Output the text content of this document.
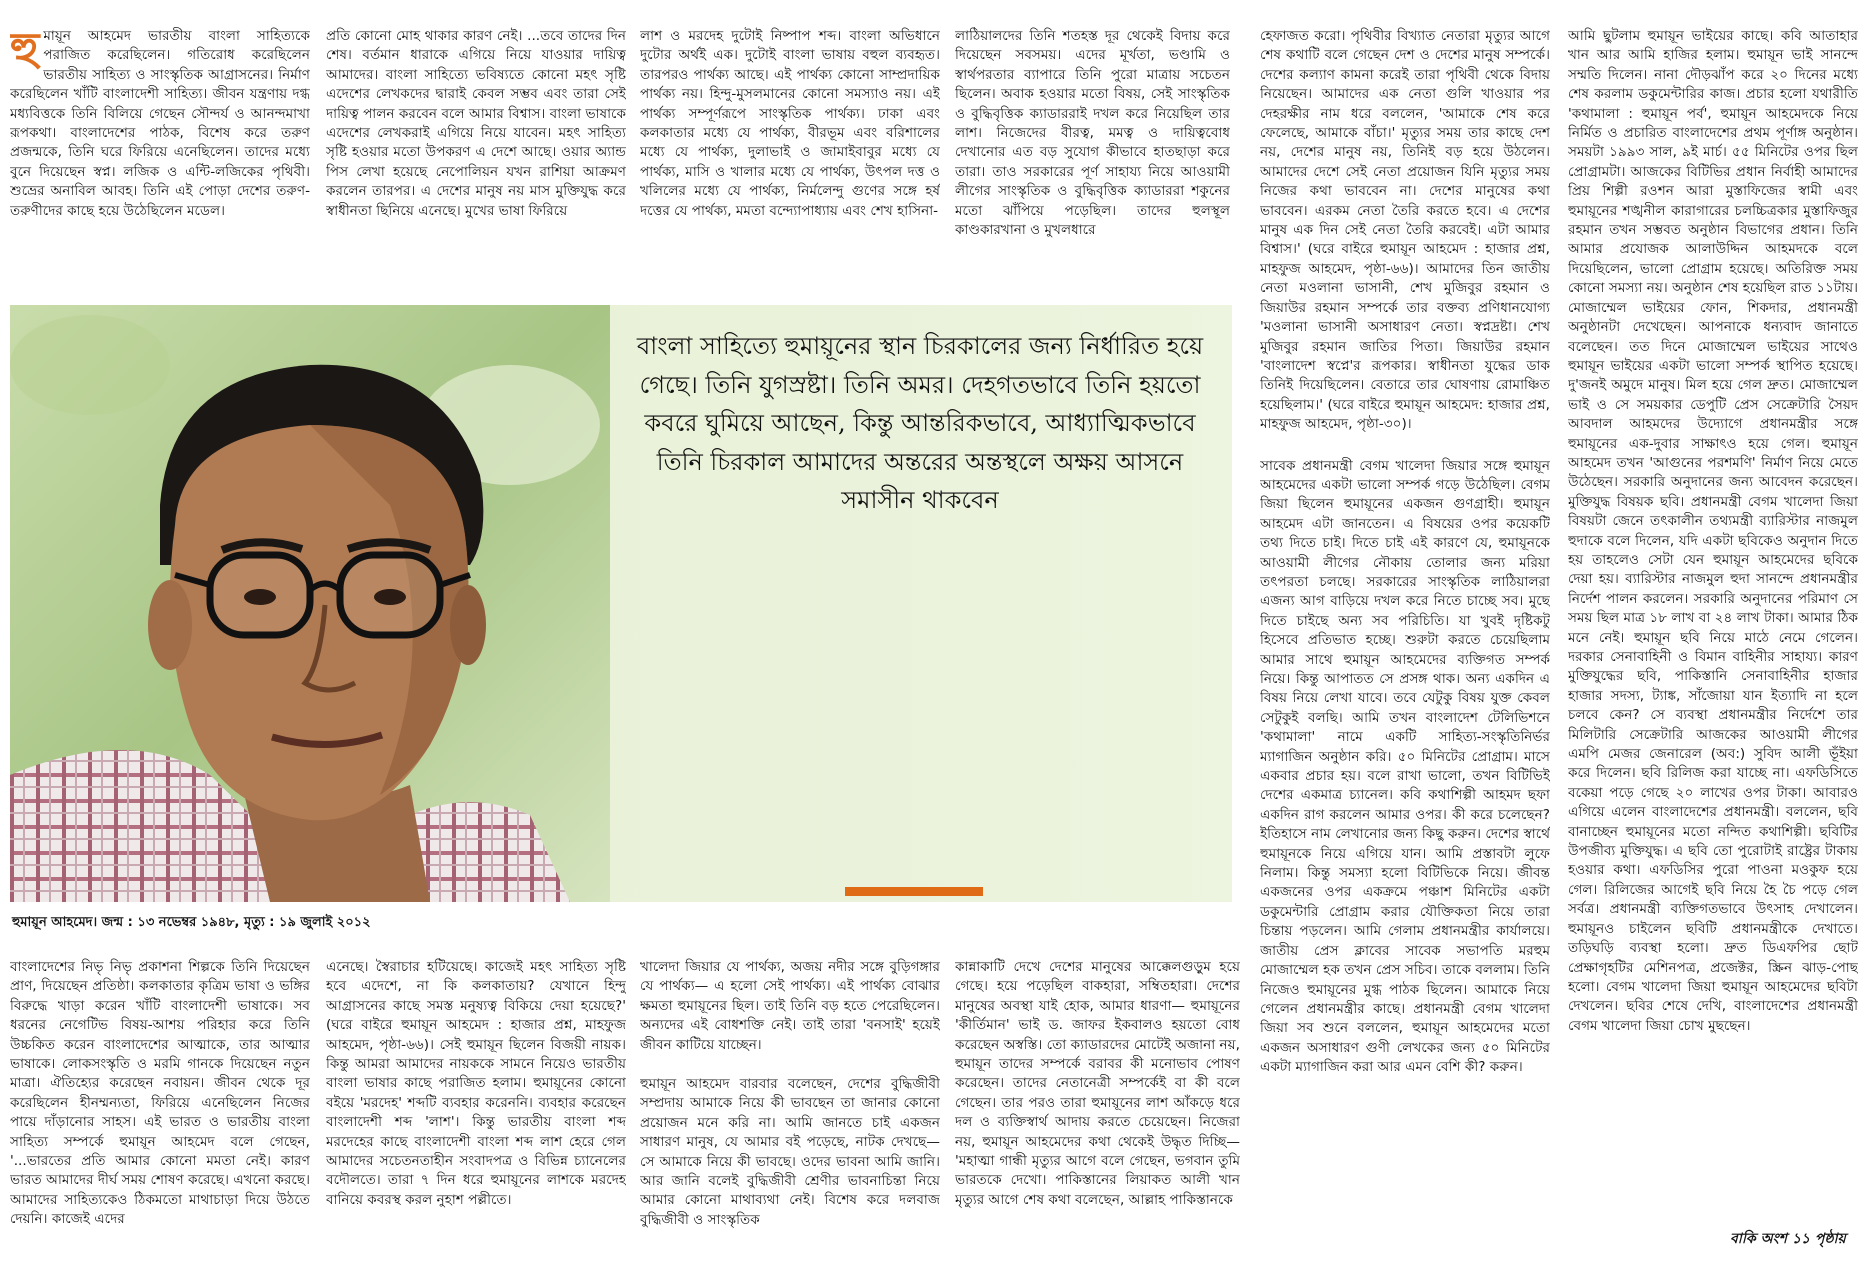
হু মায়ূন আহমেদ ভারতীয় বাংলা সাহিত্যকে পরাজিত করেছিলেন। গতিরোধ করেছিলেন ভারতীয় সাহিত্য ও সাংস্কৃতিক আগ্রাসনের। নির্মাণ করেছিলেন খাঁটি বাংলাদেশী সাহিত্য। জীবন যন্ত্রণায় দগ্ধ মধ্যবিত্তকে তিনি বিলিয়ে গেছেন সৌন্দর্য ও আনন্দমাখা রূপকথা। বাংলাদেশের পাঠক, বিশেষ করে তরুণ প্রজন্মকে, তিনি ঘরে ফিরিয়ে এনেছিলেন। তাদের মধ্যে বুনে দিয়েছেন স্বপ্ন। লজিক ও এন্টি-লজিকের পৃথিবী। শুভ্রের অনাবিল আবহ। তিনি এই পোড়া দেশের তরুণ-তরুণীদের কাছে হয়ে উঠেছিলেন মডেল।

প্রতি কোনো মোহ থাকার কারণ নেই। ...তবে তাদের দিন শেষ। বর্তমান ধারাকে এগিয়ে নিয়ে যাওয়ার দায়িত্ব আমাদের। বাংলা সাহিত্যে ভবিষ্যতে কোনো মহৎ সৃষ্টি এদেশের লেখকদের দ্বারাই কেবল সম্ভব এবং তারা সেই দায়িত্ব পালন করবেন বলে আমার বিশ্বাস। বাংলা ভাষাকে এদেশের লেখকরাই এগিয়ে নিয়ে যাবেন। মহৎ সাহিত্য সৃষ্টি হওয়ার মতো উপকরণ এ দেশে আছে। ওয়ার অ্যান্ড পিস লেখা হয়েছে নেপোলিয়ন যখন রাশিয়া আক্রমণ করলেন তারপর। এ দেশের মানুষ নয় মাস মুক্তিযুদ্ধ করে স্বাধীনতা ছিনিয়ে এনেছে। মুখের ভাষা ফিরিয়ে

লাশ ও মরদেহ দুটোই নিষ্পাপ শব্দ। বাংলা অভিধানে দুটোর অর্থই এক। দুটোই বাংলা ভাষায় বহুল ব্যবহৃত। তারপরও পার্থক্য আছে। এই পার্থক্য কোনো সাম্প্রদায়িক পার্থক্য নয়। হিন্দু-মুসলমানের কোনো সমস্যাও নয়। এই পার্থক্য সম্পূর্ণরূপে সাংস্কৃতিক পার্থক্য। ঢাকা এবং কলকাতার মধ্যে যে পার্থক্য, বীরভূম এবং বরিশালের মধ্যে যে পার্থক্য, দুলাভাই ও জামাইবাবুর মধ্যে যে পার্থক্য, মাসি ও খালার মধ্যে যে পার্থক্য, উৎপল দত্ত ও খলিলের মধ্যে যে পার্থক্য, নির্মলেন্দু গুণের সঙ্গে হর্ষ দত্তের যে পার্থক্য, মমতা বন্দ্যোপাধ্যায় এবং শেখ হাসিনা-

লাঠিয়ালদের তিনি শতহস্ত দূর থেকেই বিদায় করে দিয়েছেন সবসময়। এদের মূর্খতা, ভণ্ডামি ও স্বার্থপরতার ব্যাপারে তিনি পুরো মাত্রায় সচেতন ছিলেন। অবাক হওয়ার মতো বিষয়, সেই সাংস্কৃতিক ও বুদ্ধিবৃত্তিক ক্যাডাররাই দখল করে নিয়েছিল তার লাশ। নিজেদের বীরত্ব, মমত্ব ও দায়িত্ববোধ দেখানোর এত বড় সুযোগ কীভাবে হাতছাড়া করে তারা। তাও সরকারের পূর্ণ সাহায্য নিয়ে আওয়ামী লীগের সাংস্কৃতিক ও বুদ্ধিবৃত্তিক ক্যাডাররা শকুনের মতো ঝাঁপিয়ে পড়েছিল। তাদের হুলস্থূল কাণ্ডকারখানা ও মুখলধারে

হেফাজত করো। পৃথিবীর বিখ্যাত নেতারা মৃত্যুর আগে শেষ কথাটি বলে গেছেন দেশ ও দেশের মানুষ সম্পর্কে। দেশের কল্যাণ কামনা করেই তারা পৃথিবী থেকে বিদায় নিয়েছেন। আমাদের এক নেতা গুলি খাওয়ার পর দেহরক্ষীর নাম ধরে বললেন, 'আমাকে শেষ করে ফেলেছে, আমাকে বাঁচা।' মৃত্যুর সময় তার কাছে দেশ নয়, দেশের মানুষ নয়, তিনিই বড় হয়ে উঠলেন। আমাদের দেশে সেই নেতা প্রয়োজন যিনি মৃত্যুর সময় নিজের কথা ভাববেন না। দেশের মানুষের কথা ভাববেন। এরকম নেতা তৈরি করতে হবে। এ দেশের মানুষ এক দিন সেই নেতা তৈরি করবেই। এটা আমার বিশ্বাস।' (ঘরে বাইরে হুমায়ূন আহমেদ : হাজার প্রশ্ন, মাহফুজ আহমেদ, পৃষ্ঠা-৬৬)। আমাদের তিন জাতীয় নেতা মওলানা ভাসানী, শেখ মুজিবুর রহমান ও জিয়াউর রহমান সম্পর্কে তার বক্তব্য প্রণিধানযোগ্য 'মওলানা ভাসানী অসাধারণ নেতা। স্বপ্নদ্রষ্টা। শেখ মুজিবুর রহমান জাতির পিতা। জিয়াউর রহমান 'বাংলাদেশ স্বপ্নে'র রূপকার। স্বাধীনতা যুদ্ধের ডাক তিনিই দিয়েছিলেন। বেতারে তার ঘোষণায় রোমাঞ্চিত হয়েছিলাম।' (ঘরে বাইরে হুমায়ূন আহমেদ: হাজার প্রশ্ন, মাহফুজ আহমেদ, পৃষ্ঠা-৩০)।

সাবেক প্রধানমন্ত্রী বেগম খালেদা জিয়ার সঙ্গে হুমায়ূন আহমেদের একটা ভালো সম্পর্ক গড়ে উঠেছিল। বেগম জিয়া ছিলেন হুমায়ূনের একজন গুণগ্রাহী। হুমায়ূন আহমেদ এটা জানতেন। এ বিষয়ের ওপর কয়েকটি তথ্য দিতে চাই। দিতে চাই এই কারণে যে, হুমায়ূনকে আওয়ামী লীগের নৌকায় তোলার জন্য মরিয়া তৎপরতা চলছে। সরকারের সাংস্কৃতিক লাঠিয়ালরা এজন্য আগ বাড়িয়ে দখল করে নিতে চাচ্ছে সব। মুছে দিতে চাইছে অন্য সব পরিচিতি। যা খুবই দৃষ্টিকটু হিসেবে প্রতিভাত হচ্ছে। শুরুটা করতে চেয়েছিলাম আমার সাথে হুমায়ূন আহমেদের ব্যক্তিগত সম্পর্ক নিয়ে। কিন্তু আপাতত সে প্রসঙ্গ থাক। অন্য একদিন এ বিষয় নিয়ে লেখা যাবে। তবে যেটুকু বিষয় যুক্ত কেবল সেটুকুই বলছি। আমি তখন বাংলাদেশ টেলিভিশনে 'কথামালা' নামে একটি সাহিত্য-সংস্কৃতিনির্ভর ম্যাগাজিন অনুষ্ঠান করি। ৫০ মিনিটের প্রোগ্রাম। মাসে একবার প্রচার হয়। বলে রাখা ভালো, তখন বিটিভিই দেশের একমাত্র চ্যানেল। কবি কথাশিল্পী আহমদ ছফা একদিন রাগ করলেন আমার ওপর। কী করে চলেছেন? ইতিহাসে নাম লেখানোর জন্য কিছু করুন। দেশের স্বার্থে হুমায়ূনকে নিয়ে এগিয়ে যান। আমি প্রস্তাবটা লুফে নিলাম। কিন্তু সমস্যা হলো বিটিভিকে নিয়ে। জীবন্ত একজনের ওপর একক্রমে পঞ্চাশ মিনিটের একটা ডকুমেন্টারি প্রোগ্রাম করার যৌক্তিকতা নিয়ে তারা চিন্তায় পড়লেন। আমি গেলাম প্রধানমন্ত্রীর কার্যালয়ে। জাতীয় প্রেস ক্লাবের সাবেক সভাপতি মরহুম মোজাম্মেল হক তখন প্রেস সচিব। তাকে বললাম। তিনি নিজেও হুমায়ূনের মুগ্ধ পাঠক ছিলেন। আমাকে নিয়ে গেলেন প্রধানমন্ত্রীর কাছে। প্রধানমন্ত্রী বেগম খালেদা জিয়া সব শুনে বললেন, হুমায়ূন আহমেদের মতো একজন অসাধারণ গুণী লেখকের জন্য ৫০ মিনিটের একটা ম্যাগাজিন করা আর এমন বেশি কী? করুন।

আমি ছুটলাম হুমায়ূন ভাইয়ের কাছে। কবি আতাহার খান আর আমি হাজির হলাম। হুমায়ূন ভাই সানন্দে সম্মতি দিলেন। নানা দৌড়ঝাঁপ করে ২০ দিনের মধ্যে শেষ করলাম ডকুমেন্টারির কাজ। প্রচার হলো যথারীতি 'কথামালা : হুমায়ূন পর্ব', হুমায়ূন আহমেদকে নিয়ে নির্মিত ও প্রচারিত বাংলাদেশের প্রথম পূর্ণাঙ্গ অনুষ্ঠান। সময়টা ১৯৯৩ সাল, ৯ই মার্চ। ৫৫ মিনিটের ওপর ছিল প্রোগ্রামটা। আজকের বিটিভির প্রধান নির্বাহী আমাদের প্রিয় শিল্পী রওশন আরা মুস্তাফিজের স্বামী এবং হুমায়ূনের শঙ্খনীল কারাগারের চলচ্চিত্রকার মুস্তাফিজুর রহমান তখন সম্ভবত অনুষ্ঠান বিভাগের প্রধান। তিনি আমার প্রযোজক আলাউদ্দিন আহমদকে বলে দিয়েছিলেন, ভালো প্রোগ্রাম হয়েছে। অতিরিক্ত সময় কোনো সমস্যা নয়। অনুষ্ঠান শেষ হয়েছিল রাত ১১টায়। মোজাম্মেল ভাইয়ের ফোন, শিকদার, প্রধানমন্ত্রী অনুষ্ঠানটা দেখেছেন। আপনাকে ধন্যবাদ জানাতে বলেছেন। তত দিনে মোজাম্মেল ভাইয়ের সাথেও হুমায়ূন ভাইয়ের একটা ভালো সম্পর্ক স্থাপিত হয়েছে। দু'জনই অমুদে মানুষ। মিল হয়ে গেল দ্রুত। মোজাম্মেল ভাই ও সে সময়কার ডেপুটি প্রেস সেক্রেটারি সৈয়দ আবদাল আহমদের উদ্যোগে প্রধানমন্ত্রীর সঙ্গে হুমায়ূনের এক-দুবার সাক্ষাৎও হয়ে গেল। হুমায়ূন আহমেদ তখন 'আগুনের পরশমণি' নির্মাণ নিয়ে মেতে উঠেছেন। সরকারি অনুদানের জন্য আবেদন করেছেন। মুক্তিযুদ্ধ বিষয়ক ছবি। প্রধানমন্ত্রী বেগম খালেদা জিয়া বিষয়টা জেনে তৎকালীন তথ্যমন্ত্রী ব্যারিস্টার নাজমুল হুদাকে বলে দিলেন, যদি একটা ছবিকেও অনুদান দিতে হয় তাহলেও সেটা যেন হুমায়ূন আহমেদের ছবিকে দেয়া হয়। ব্যারিস্টার নাজমুল হুদা সানন্দে প্রধানমন্ত্রীর নির্দেশ পালন করলেন। সরকারি অনুদানের পরিমাণ সে সময় ছিল মাত্র ১৮ লাখ বা ২৪ লাখ টাকা। আমার ঠিক মনে নেই। হুমায়ূন ছবি নিয়ে মাঠে নেমে গেলেন। দরকার সেনাবাহিনী ও বিমান বাহিনীর সাহায্য। কারণ মুক্তিযুদ্ধের ছবি, পাকিস্তানি সেনাবাহিনীর হাজার হাজার সদস্য, ট্যাঙ্ক, সাঁজোয়া যান ইত্যাদি না হলে চলবে কেন? সে ব্যবস্থা প্রধানমন্ত্রীর নির্দেশে তার মিলিটারি সেক্রেটারি আজকের আওয়ামী লীগের এমপি মেজর জেনারেল (অব:) সুবিদ আলী ভূঁইয়া করে দিলেন। ছবি রিলিজ করা যাচ্ছে না। এফডিসিতে বকেয়া পড়ে গেছে ২০ লাখের ওপর টাকা। আবারও এগিয়ে এলেন বাংলাদেশের প্রধানমন্ত্রী। বললেন, ছবি বানাচ্ছেন হুমায়ূনের মতো নন্দিত কথাশিল্পী। ছবিটির উপজীব্য মুক্তিযুদ্ধ। এ ছবি তো পুরোটাই রাষ্ট্রের টাকায় হওয়ার কথা। এফডিসির পুরো পাওনা মওকুফ হয়ে গেল। রিলিজের আগেই ছবি নিয়ে হৈ চৈ পড়ে গেল সর্বত্র। প্রধানমন্ত্রী ব্যক্তিগতভাবে উৎসাহ দেখালেন। হুমায়ূনও চাইলেন ছবিটি প্রধানমন্ত্রীকে দেখাতে। তড়িঘড়ি ব্যবস্থা হলো। দ্রুত ডিএফপির ছোট প্রেক্ষাগৃহটির মেশিনপত্র, প্রজেক্টর, স্ক্রিন ঝাড়-পোছ হলো। বেগম খালেদা জিয়া হুমায়ূন আহমেদের ছবিটা দেখলেন। ছবির শেষে দেখি, বাংলাদেশের প্রধানমন্ত্রী বেগম খালেদা জিয়া চোখ মুছছেন।

বাকি অংশ ১১ পৃষ্ঠায়
বাংলা সাহিত্যে হুমায়ূনের স্থান চিরকালের জন্য নির্ধারিত হয়ে গেছে। তিনি যুগস্রষ্টা। তিনি অমর। দেহগতভাবে তিনি হয়তো কবরে ঘুমিয়ে আছেন, কিন্তু আন্তরিকভাবে, আধ্যাত্মিকভাবে তিনি চিরকাল আমাদের অন্তরের অন্তস্থলে অক্ষয় আসনে সমাসীন থাকবেন
হুমায়ূন আহমেদ। জন্ম : ১৩ নভেম্বর ১৯৪৮, মৃত্যু : ১৯ জুলাই ২০১২

বাংলাদেশের নিভৃ নিভৃ প্রকাশনা শিল্পকে তিনি দিয়েছেন প্রাণ, দিয়েছেন প্রতিষ্ঠা। কলকাতার কৃত্রিম ভাষা ও ভঙ্গির বিরুদ্ধে খাড়া করেন খাঁটি বাংলাদেশী ভাষাকে। সব ধরনের নেগেটিভ বিষয়-আশয় পরিহার করে তিনি উচ্চকিত করেন বাংলাদেশের আত্মাকে, তার আত্মার ভাষাকে। লোকসংস্কৃতি ও মরমি গানকে দিয়েছেন নতুন মাত্রা। ঐতিহ্যের করেছেন নবায়ন। জীবন থেকে দূর করেছিলেন হীনম্মন্যতা, ফিরিয়ে এনেছিলেন নিজের পায়ে দাঁড়ানোর সাহস। এই ভারত ও ভারতীয় বাংলা সাহিত্য সম্পর্কে হুমায়ূন আহমেদ বলে গেছেন, '...ভারতের প্রতি আমার কোনো মমতা নেই। কারণ ভারত আমাদের দীর্ঘ সময় শোষণ করেছে। এখনো করছে। আমাদের সাহিত্যকেও ঠিকমতো মাথাচাড়া দিয়ে উঠতে দেয়নি। কাজেই এদের

এনেছে। স্বৈরাচার হটিয়েছে। কাজেই মহৎ সাহিত্য সৃষ্টি হবে এদেশে, না কি কলকাতায়? যেখানে হিন্দু আগ্রাসনের কাছে সমস্ত মনুষ্যত্ব বিকিয়ে দেয়া হয়েছে?' (ঘরে বাইরে হুমায়ূন আহমেদ : হাজার প্রশ্ন, মাহফুজ আহমেদ, পৃষ্ঠা-৬৬)। সেই হুমায়ূন ছিলেন বিজয়ী নায়ক। কিন্তু আমরা আমাদের নায়ককে সামনে নিয়েও ভারতীয় বাংলা ভাষার কাছে পরাজিত হলাম। হুমায়ূনের কোনো বইয়ে 'মরদেহ' শব্দটি ব্যবহার করেননি। ব্যবহার করেছেন বাংলাদেশী শব্দ 'লাশ'। কিন্তু ভারতীয় বাংলা শব্দ মরদেহের কাছে বাংলাদেশী বাংলা শব্দ লাশ হেরে গেল আমাদের সচেতনতাহীন সংবাদপত্র ও বিভিন্ন চ্যানেলের বদৌলতে। তারা ৭ দিন ধরে হুমায়ূনের লাশকে মরদেহ বানিয়ে কবরস্থ করল নুহাশ পল্লীতে।

খালেদা জিয়ার যে পার্থক্য, অজয় নদীর সঙ্গে বুড়িগঙ্গার যে পার্থক্য— এ হলো সেই পার্থক্য। এই পার্থক্য বোঝার ক্ষমতা হুমায়ূনের ছিল। তাই তিনি বড় হতে পেরেছিলেন। অন্যদের এই বোধশক্তি নেই। তাই তারা 'বনসাই' হয়েই জীবন কাটিয়ে যাচ্ছেন।

হুমায়ূন আহমেদ বারবার বলেছেন, দেশের বুদ্ধিজীবী সম্প্রদায় আমাকে নিয়ে কী ভাবছেন তা জানার কোনো প্রয়োজন মনে করি না। আমি জানতে চাই একজন সাধারণ মানুষ, যে আমার বই পড়েছে, নাটক দেখছে— সে আমাকে নিয়ে কী ভাবছে। ওদের ভাবনা আমি জানি। আর জানি বলেই বুদ্ধিজীবী শ্রেণীর ভাবনাচিন্তা নিয়ে আমার কোনো মাথাব্যথা নেই। বিশেষ করে দলবাজ বুদ্ধিজীবী ও সাংস্কৃতিক

কান্নাকাটি দেখে দেশের মানুষের আক্কেলগুড়ুম হয়ে গেছে। হয়ে পড়েছিল বাকহারা, সম্বিতহারা। দেশের মানুষের অবস্থা যাই হোক, আমার ধারণা— হুমায়ূনের 'কীর্তিমান' ভাই ড. জাফর ইকবালও হয়তো বোধ করেছেন অস্বস্তি। তো ক্যাডারদের মোটেই অজানা নয়, হুমায়ূন তাদের সম্পর্কে বরাবর কী মনোভাব পোষণ করেছেন। তাদের নেতানেত্রী সম্পর্কেই বা কী বলে গেছেন। তার পরও তারা হুমায়ূনের লাশ আঁকড়ে ধরে দল ও ব্যক্তিস্বার্থ আদায় করতে চেয়েছেন। নিজেরা নয়, হুমায়ূন আহমেদের কথা থেকেই উদ্ধৃত দিচ্ছি— 'মহাত্মা গান্ধী মৃত্যুর আগে বলে গেছেন, ভগবান তুমি ভারতকে দেখো। পাকিস্তানের লিয়াকত আলী খান মৃত্যুর আগে শেষ কথা বলেছেন, আল্লাহ পাকিস্তানকে
